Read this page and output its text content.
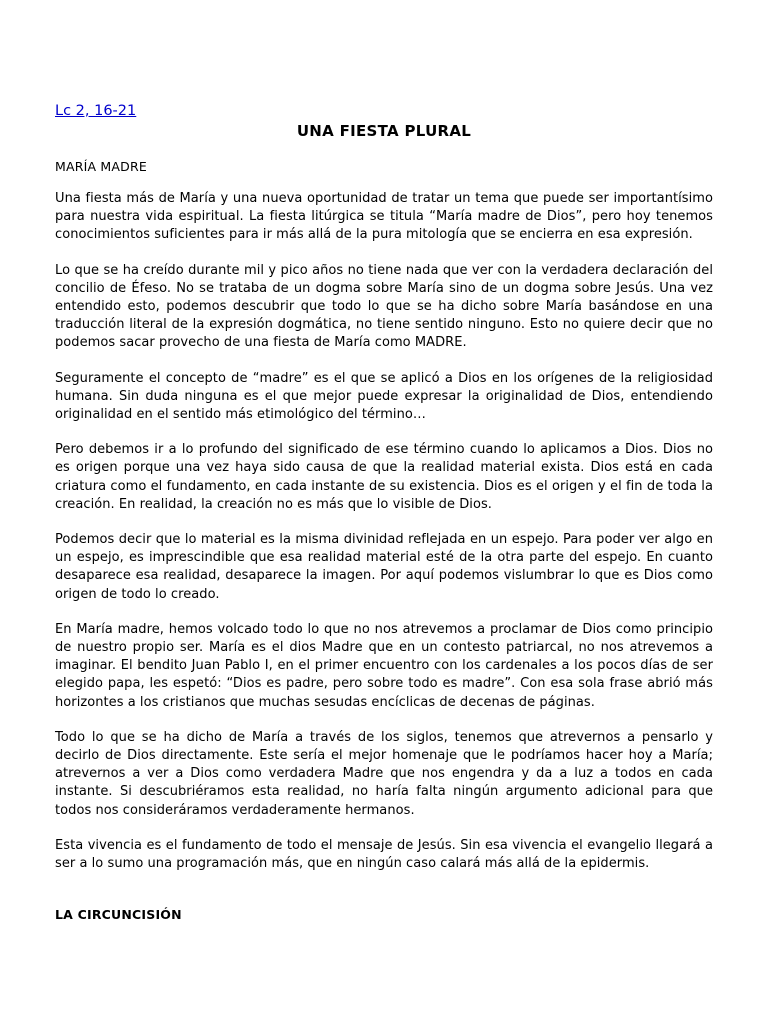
Lc 2, 16-21
UNA FIESTA PLURAL
MARÍA MADRE

Una fiesta más de María y una nueva oportunidad de tratar un tema que puede ser importantísimo para nuestra vida espiritual. La fiesta litúrgica se titula “María madre de Dios”, pero hoy tenemos conocimientos suficientes para ir más allá de la pura mitología que se encierra en esa expresión.

Lo que se ha creído durante mil y pico años no tiene nada que ver con la verdadera declaración del concilio de Éfeso. No se trataba de un dogma sobre María sino de un dogma sobre Jesús. Una vez entendido esto, podemos descubrir que todo lo que se ha dicho sobre María basándose en una traducción literal de la expresión dogmática, no tiene sentido ninguno. Esto no quiere decir que no podemos sacar provecho de una fiesta de María como MADRE.

Seguramente el concepto de “madre” es el que se aplicó a Dios en los orígenes de la religiosidad humana. Sin duda ninguna es el que mejor puede expresar la originalidad de Dios, entendiendo originalidad en el sentido más etimológico del término…

Pero debemos ir a lo profundo del significado de ese término cuando lo aplicamos a Dios. Dios no es origen porque una vez haya sido causa de que la realidad material exista. Dios está en cada criatura como el fundamento, en cada instante de su existencia. Dios es el origen y el fin de toda la creación. En realidad, la creación no es más que lo visible de Dios.

Podemos decir que lo material es la misma divinidad reflejada en un espejo. Para poder ver algo en un espejo, es imprescindible que esa realidad material esté de la otra parte del espejo. En cuanto desaparece esa realidad, desaparece la imagen. Por aquí podemos vislumbrar lo que es Dios como origen de todo lo creado.

En María madre, hemos volcado todo lo que no nos atrevemos a proclamar de Dios como principio de nuestro propio ser. María es el dios Madre que en un contesto patriarcal, no nos atrevemos a imaginar. El bendito Juan Pablo I, en el primer encuentro con los cardenales a los pocos días de ser elegido papa, les espetó: “Dios es padre, pero sobre todo es madre”. Con esa sola frase abrió más horizontes a los cristianos que muchas sesudas encíclicas de decenas de páginas.

Todo lo que se ha dicho de María a través de los siglos, tenemos que atrevernos a pensarlo y decirlo de Dios directamente. Este sería el mejor homenaje que le podríamos hacer hoy a María; atrevernos a ver a Dios como verdadera Madre que nos engendra y da a luz a todos en cada instante. Si descubriéramos esta realidad, no haría falta ningún argumento adicional para que todos nos consideráramos verdaderamente hermanos.

Esta vivencia es el fundamento de todo el mensaje de Jesús. Sin esa vivencia el evangelio llegará a ser a lo sumo una programación más, que en ningún caso calará más allá de la epidermis.

LA CIRCUNCISIÓN
